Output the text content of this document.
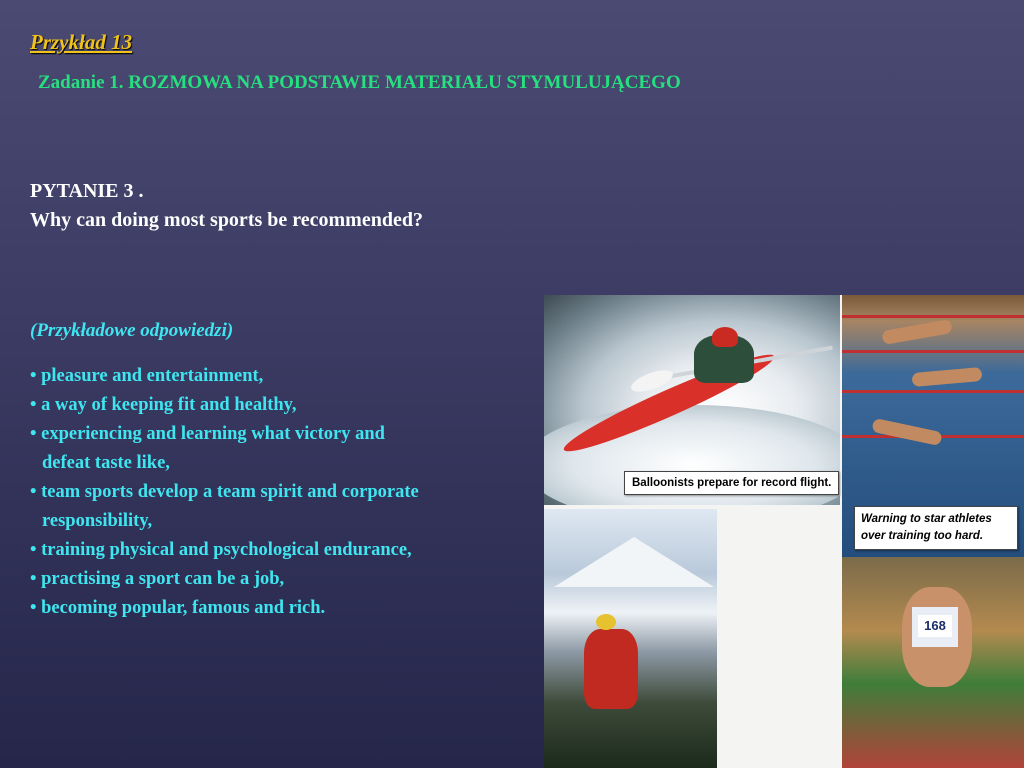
Przykład 13

Zadanie 1. ROZMOWA NA PODSTAWIE MATERIAŁU STYMULUJĄCEGO

PYTANIE 3 .
Why can doing most sports be recommended?

(Przykładowe odpowiedzi)

• pleasure and entertainment,
• a way of keeping fit and healthy,
• experiencing and learning what victory and
defeat taste like,
• team sports develop a team spirit and corporate
responsibility,
• training physical and psychological endurance,
• practising a sport can be a job,
• becoming popular, famous and rich.
168
Balloonists prepare for record flight.
Warning to star athletes over training too hard.
